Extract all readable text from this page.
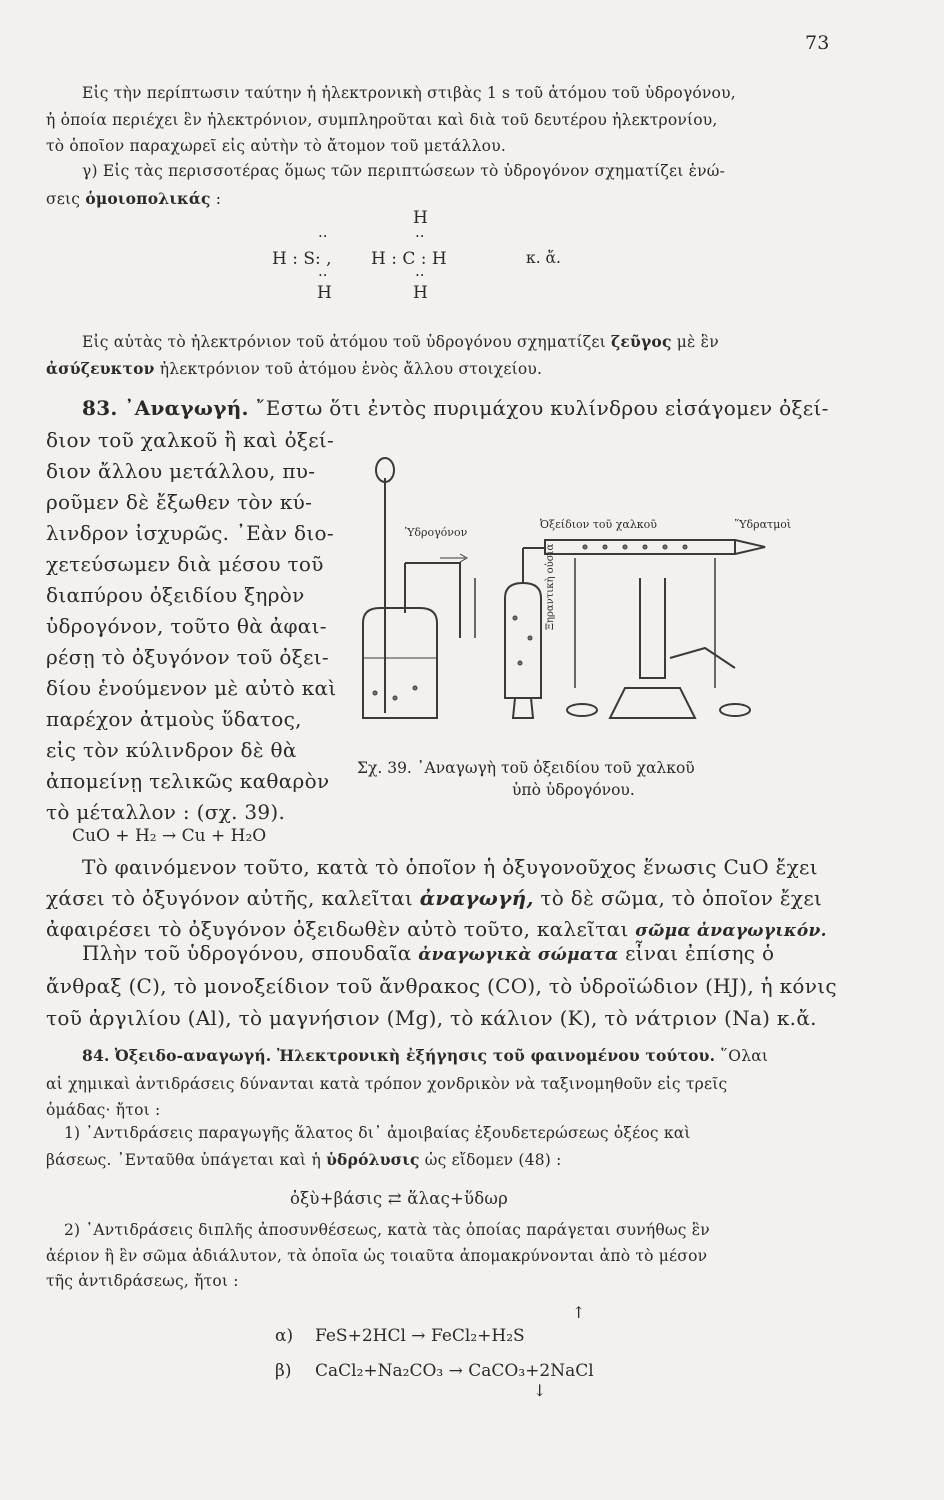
73
Εἰς τὴν περίπτωσιν ταύτην ἡ ἠλεκτρονικὴ στιβὰς 1 s τοῦ ἀτόμου τοῦ ὑδρογόνου,
ἡ ὁποία περιέχει ἓν ἠλεκτρόνιον, συμπληροῦται καὶ διὰ τοῦ δευτέρου ἠλεκτρονίου,
τὸ ὁποῖον παραχωρεῖ εἰς αὐτὴν τὸ ἄτομον τοῦ μετάλλου.
γ) Εἰς τὰς περισσοτέρας ὅμως τῶν περιπτώσεων τὸ ὑδρογόνον σχηματίζει ἑνώ-
σεις ὁμοιοπολικάς :
H
H : S: ,
··
··
H
··
H : C : H
··
H
κ. ἄ.
Εἰς αὐτὰς τὸ ἠλεκτρόνιον τοῦ ἀτόμου τοῦ ὑδρογόνου σχηματίζει ζεῦγος μὲ ἓν
ἀσύζευκτον ἠλεκτρόνιον τοῦ ἀτόμου ἑνὸς ἄλλου στοιχείου.
83. ᾿Αναγωγή. ῎Εστω ὅτι ἐντὸς πυριμάχου κυλίνδρου εἰσάγομεν ὀξεί-
διον τοῦ χαλκοῦ ἢ καὶ ὀξεί-
διον ἄλλου μετάλλου, πυ-
ροῦμεν δὲ ἔξωθεν τὸν κύ-
λινδρον ἰσχυρῶς. ᾿Εὰν διο-
χετεύσωμεν διὰ μέσου τοῦ
διαπύρου ὀξειδίου ξηρὸν
ὑδρογόνον, τοῦτο θὰ ἀφαι-
ρέσῃ τὸ ὀξυγόνον τοῦ ὀξει-
δίου ἑνούμενον μὲ αὐτὸ καὶ
παρέχον ἀτμοὺς ὕδατος,
εἰς τὸν κύλινδρον δὲ θὰ
ἀπομείνῃ τελικῶς καθαρὸν
τὸ μέταλλον : (σχ. 39).
CuO + H₂ → Cu + H₂O
Τὸ φαινόμενον τοῦτο, κατὰ τὸ ὁποῖον ἡ ὀξυγονοῦχος ἕνωσις CuO ἔχει
χάσει τὸ ὀξυγόνον αὐτῆς, καλεῖται ἀναγωγή, τὸ δὲ σῶμα, τὸ ὁποῖον ἔχει
ἀφαιρέσει τὸ ὀξυγόνον ὀξειδωθὲν αὐτὸ τοῦτο, καλεῖται σῶμα ἀναγωγικόν.
Πλὴν τοῦ ὑδρογόνου, σπουδαῖα ἀναγωγικὰ σώματα εἶναι ἐπίσης ὁ
ἄνθραξ (C), τὸ μονοξείδιον τοῦ ἄνθρακος (CO), τὸ ὑδροϊώδιον (HJ), ἡ κόνις
τοῦ ἀργιλίου (Al), τὸ μαγνήσιον (Mg), τὸ κάλιον (K), τὸ νάτριον (Na) κ.ἄ.
Ὑδρογόνον
Ὀξείδιον τοῦ χαλκοῦ	Ὕδρατμοὶ
Ξηραντικὴ οὐσία
Σχ. 39. ᾿Αναγωγὴ τοῦ ὀξειδίου τοῦ χαλκοῦ
ὑπὸ ὑδρογόνου.
84. Ὀξειδο-αναγωγή. Ἠλεκτρονικὴ ἐξήγησις τοῦ φαινομένου τούτου. ῞Ολαι
αἱ χημικαὶ ἀντιδράσεις δύνανται κατὰ τρόπον χονδρικὸν νὰ ταξινομηθοῦν εἰς τρεῖς
ὁμάδας· ἤτοι :
1) ᾿Αντιδράσεις παραγωγῆς ἅλατος δι᾿ ἀμοιβαίας ἐξουδετερώσεως ὀξέος καὶ
βάσεως. ᾿Ενταῦθα ὑπάγεται καὶ ἡ ὑδρόλυσις ὡς εἴδομεν (48) :
ὀξὺ+βάσις ⇄ ἅλας+ὕδωρ
2) ᾿Αντιδράσεις διπλῆς ἀποσυνθέσεως, κατὰ τὰς ὁποίας παράγεται συνήθως ἓν
ἀέριον ἢ ἓν σῶμα ἀδιάλυτον, τὰ ὁποῖα ὡς τοιαῦτα ἀπομακρύνονται ἀπὸ τὸ μέσον
τῆς ἀντιδράσεως, ἤτοι :
↑
α) FeS+2HCl → FeCl₂+H₂S
β) CaCl₂+Na₂CO₃ → CaCO₃+2NaCl
↓
